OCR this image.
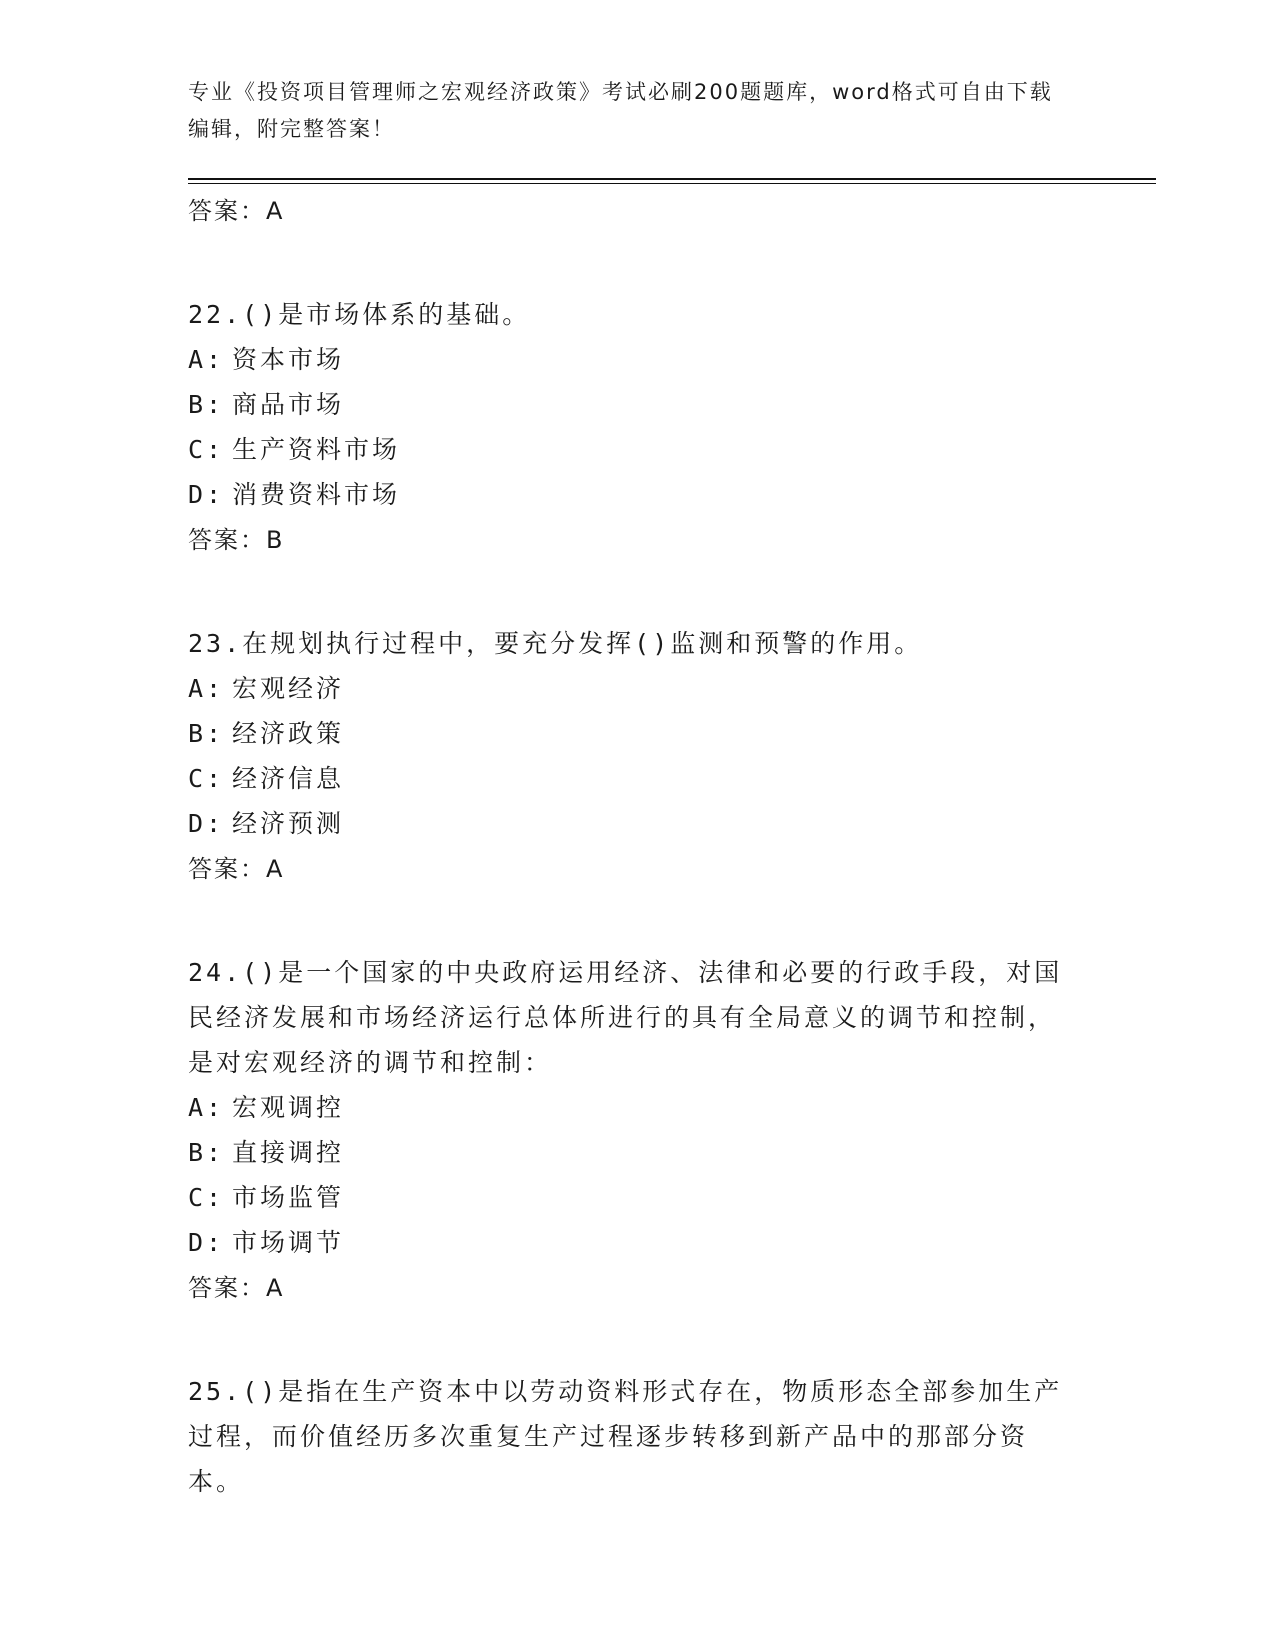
专业《投资项目管理师之宏观经济政策》考试必刷200题题库，word格式可自由下载编辑，附完整答案！
答案：A
22.()是市场体系的基础。
A: 资本市场
B: 商品市场
C: 生产资料市场
D: 消费资料市场
答案：B
23.在规划执行过程中，要充分发挥()监测和预警的作用。
A: 宏观经济
B: 经济政策
C: 经济信息
D: 经济预测
答案：A
24.()是一个国家的中央政府运用经济、法律和必要的行政手段，对国民经济发展和市场经济运行总体所进行的具有全局意义的调节和控制，是对宏观经济的调节和控制：
A: 宏观调控
B: 直接调控
C: 市场监管
D: 市场调节
答案：A
25.()是指在生产资本中以劳动资料形式存在，物质形态全部参加生产过程，而价值经历多次重复生产过程逐步转移到新产品中的那部分资本。
